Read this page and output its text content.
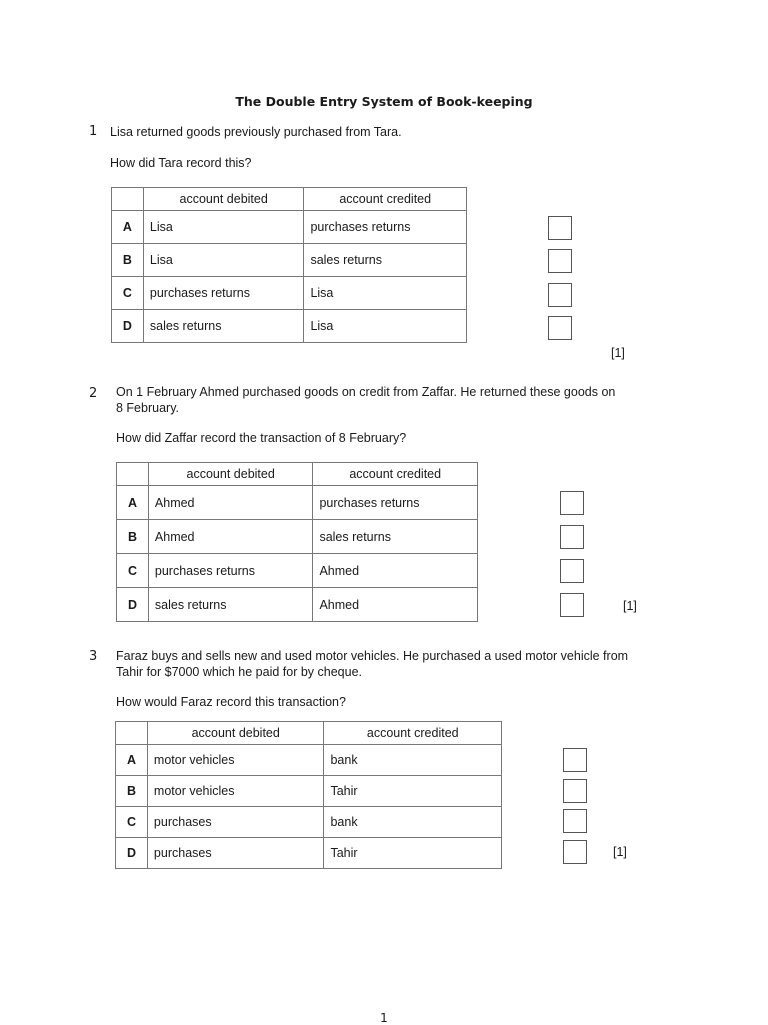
The Double Entry System of Book-keeping
1 Lisa returned goods previously purchased from Tara.
How did Tara record this?
	account debited	account credited
A	Lisa	purchases returns
B	Lisa	sales returns
C	purchases returns	Lisa
D	sales returns	Lisa
[1]
2 On 1 February Ahmed purchased goods on credit from Zaffar. He returned these goods on
8 February.
How did Zaffar record the transaction of 8 February?
	account debited	account credited
A	Ahmed	purchases returns
B	Ahmed	sales returns
C	purchases returns	Ahmed
D	sales returns	Ahmed	[1]
3 Faraz buys and sells new and used motor vehicles. He purchased a used motor vehicle from
Tahir for $7000 which he paid for by cheque.
How would Faraz record this transaction?
	account debited	account credited
A	motor vehicles	bank
B	motor vehicles	Tahir
C	purchases	bank
D	purchases	Tahir	[1]
1
